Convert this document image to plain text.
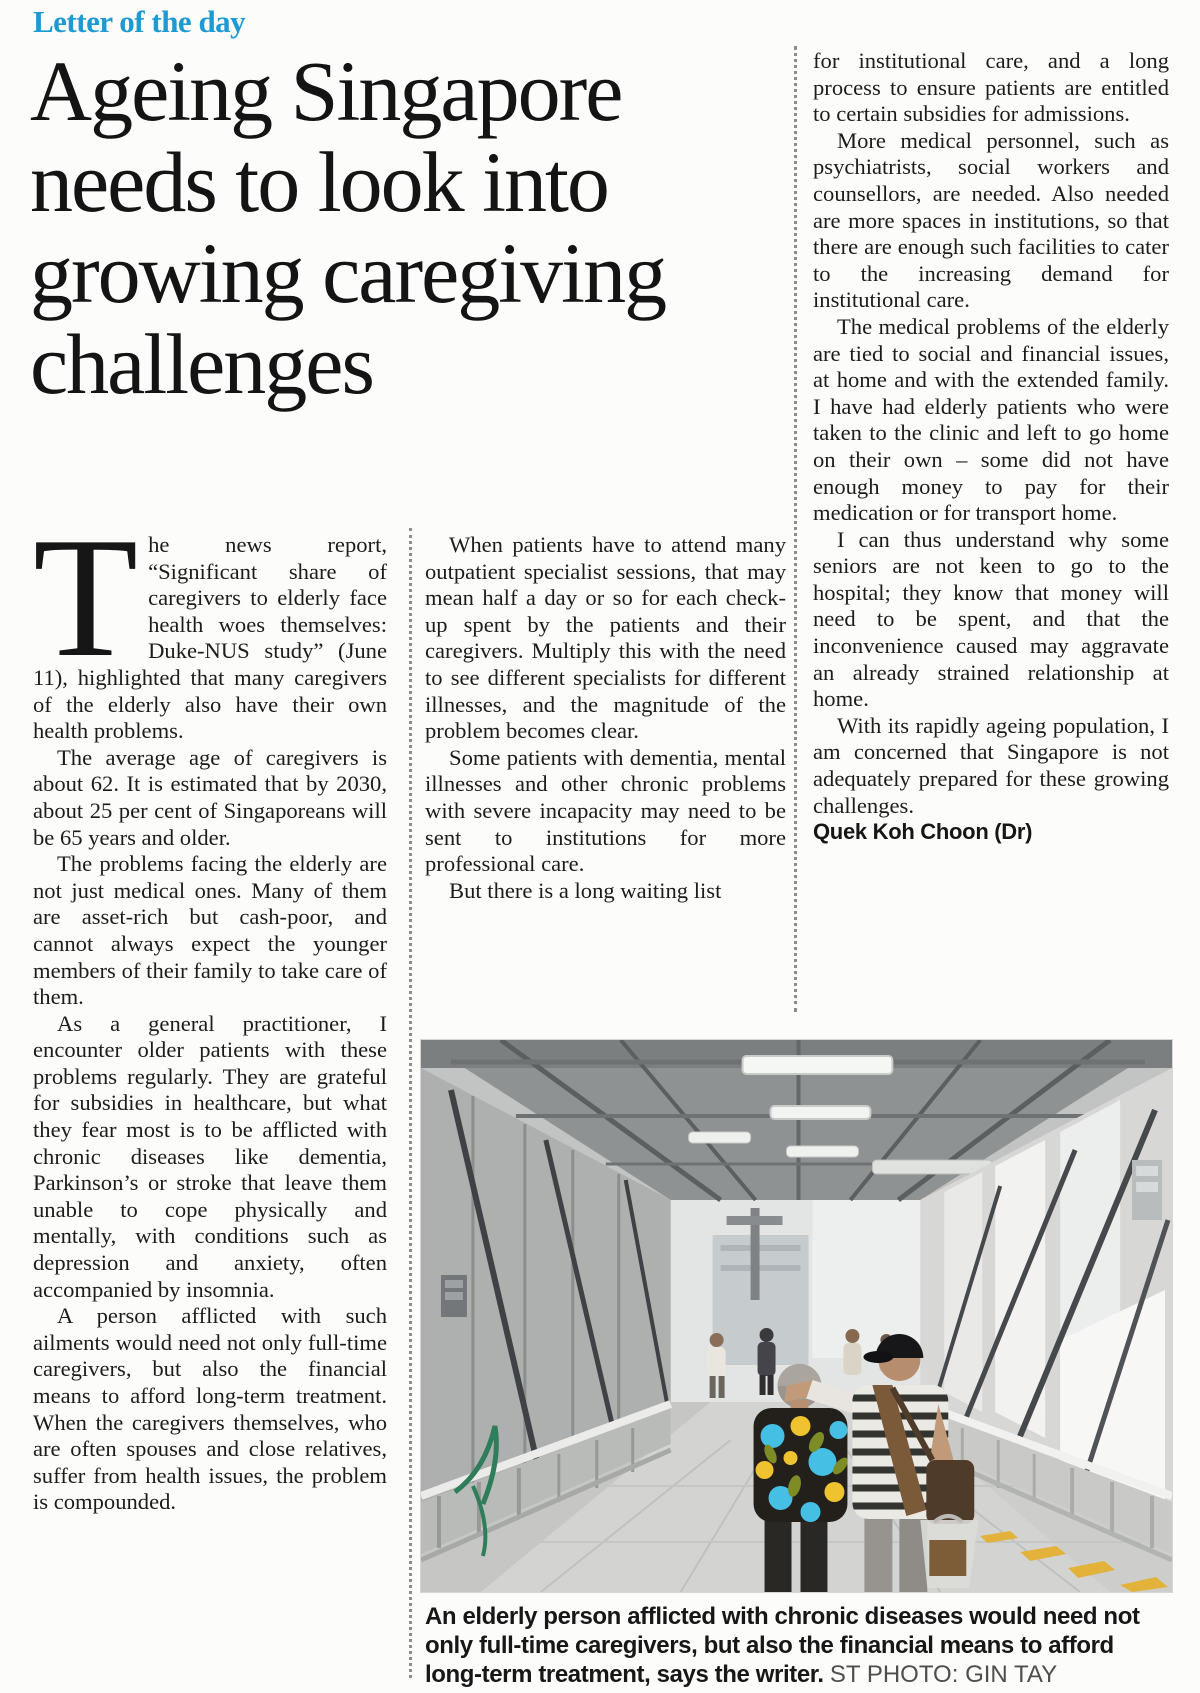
Letter of the day
Ageing Singapore
needs to look into
growing caregiving
challenges

The news report, “Significant share of caregivers to elderly face health woes themselves: Duke-NUS study” (June 11), highlighted that many caregivers of the elderly also have their own health problems.

The average age of caregivers is about 62. It is estimated that by 2030, about 25 per cent of Singaporeans will be 65 years and older.

The problems facing the elderly are not just medical ones. Many of them are asset-rich but cash-poor, and cannot always expect the younger members of their family to take care of them.

As a general practitioner, I encounter older patients with these problems regularly. They are grateful for subsidies in healthcare, but what they fear most is to be afflicted with chronic diseases like dementia, Parkinson’s or stroke that leave them unable to cope physically and mentally, with conditions such as depression and anxiety, often accompanied by insomnia.

A person afflicted with such ailments would need not only full-time caregivers, but also the financial means to afford long-term treatment. When the caregivers themselves, who are often spouses and close relatives, suffer from health issues, the problem is compounded.

When patients have to attend many outpatient specialist sessions, that may mean half a day or so for each check-up spent by the patients and their caregivers. Multiply this with the need to see different specialists for different illnesses, and the magnitude of the problem becomes clear.

Some patients with dementia, mental illnesses and other chronic problems with severe incapacity may need to be sent to institutions for more professional care.

But there is a long waiting list

for institutional care, and a long process to ensure patients are entitled to certain subsidies for admissions.

More medical personnel, such as psychiatrists, social workers and counsellors, are needed. Also needed are more spaces in institutions, so that there are enough such facilities to cater to the increasing demand for institutional care.

The medical problems of the elderly are tied to social and financial issues, at home and with the extended family. I have had elderly patients who were taken to the clinic and left to go home on their own – some did not have enough money to pay for their medication or for transport home.

I can thus understand why some seniors are not keen to go to the hospital; they know that money will need to be spent, and that the inconvenience caused may aggravate an already strained relationship at home.

With its rapidly ageing population, I am concerned that Singapore is not adequately prepared for these growing challenges.

Quek Koh Choon (Dr)

An elderly person afflicted with chronic diseases would need not only full-time caregivers, but also the financial means to afford long-term treatment, says the writer. ST PHOTO: GIN TAY
